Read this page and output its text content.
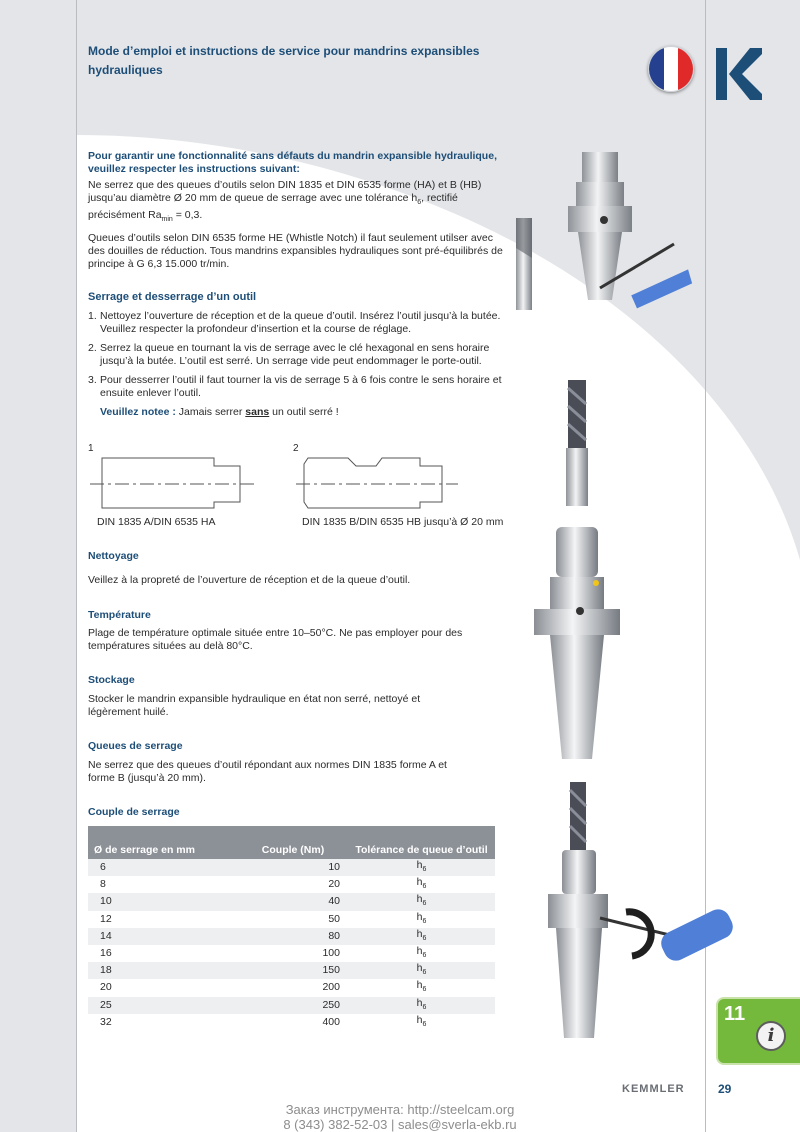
Mode d’emploi et instructions de service pour mandrins expansibles hydrauliques

Pour garantir une fonctionnalité sans défauts du mandrin expansible hydraulique, veuillez respecter les instructions suivant:

Ne serrez que des queues d’outils selon DIN 1835 et DIN 6535 forme (HA) et B (HB) jusqu’au diamètre Ø 20 mm de queue de serrage avec une tolérance $h_6$, rectifié précisément $Ra_{min} = 0,3$.

Queues d’outils selon DIN 6535 forme HE (Whistle Notch) il faut seulement utilser avec des douilles de réduction. Tous mandrins expansibles hydrauliques sont pré-équilibrés de principe à G 6,3 15.000 tr/min.

Serrage et desserrage d’un outil

1. Nettoyez l’ouverture de réception et de la queue d’outil. Insérez l’outil jusqu’à la butée. Veuillez respecter la profondeur d’insertion et la course de réglage.
2. Serrez la queue en tournant la vis de serrage avec le clé hexagonal en sens horaire jusqu’à la butée. L’outil est serré. Un serrage vide peut endommager le porte-outil.
3. Pour desserrer l’outil il faut tourner la vis de serrage 5 à 6 fois contre le sens horaire et ensuite enlever l’outil.
Veuillez notee : Jamais serrer sans un outil serré !
1	2
DIN 1835 A/DIN 6535 HA	DIN 1835 B/DIN 6535 HB jusqu’à Ø 20 mm
Nettoyage
Veillez à la propreté de l’ouverture de réception et de la queue d’outil.
Température
Plage de température optimale située entre 10–50°C. Ne pas employer pour des températures situées au delà 80°C.
Stockage
Stocker le mandrin expansible hydraulique en état non serré, nettoyé et légèrement huilé.
Queues de serrage
Ne serrez que des queues d’outil répondant aux normes DIN 1835 forme A et forme B (jusqu’à 20 mm).
Couple de serrage
Ø de serrage en mm	Couple (Nm)	Tolérance de queue d’outil
6	10	$h_6$
8	20	$h_6$
10	40	$h_6$
12	50	$h_6$
14	80	$h_6$
16	100	$h_6$
18	150	$h_6$
20	200	$h_6$
25	250	$h_6$
32	400	$h_6$	11
i
KEMMLER	29
Заказ инструмента: http://steelcam.org
8 (343) 382-52-03 | sales@sverla-ekb.ru
